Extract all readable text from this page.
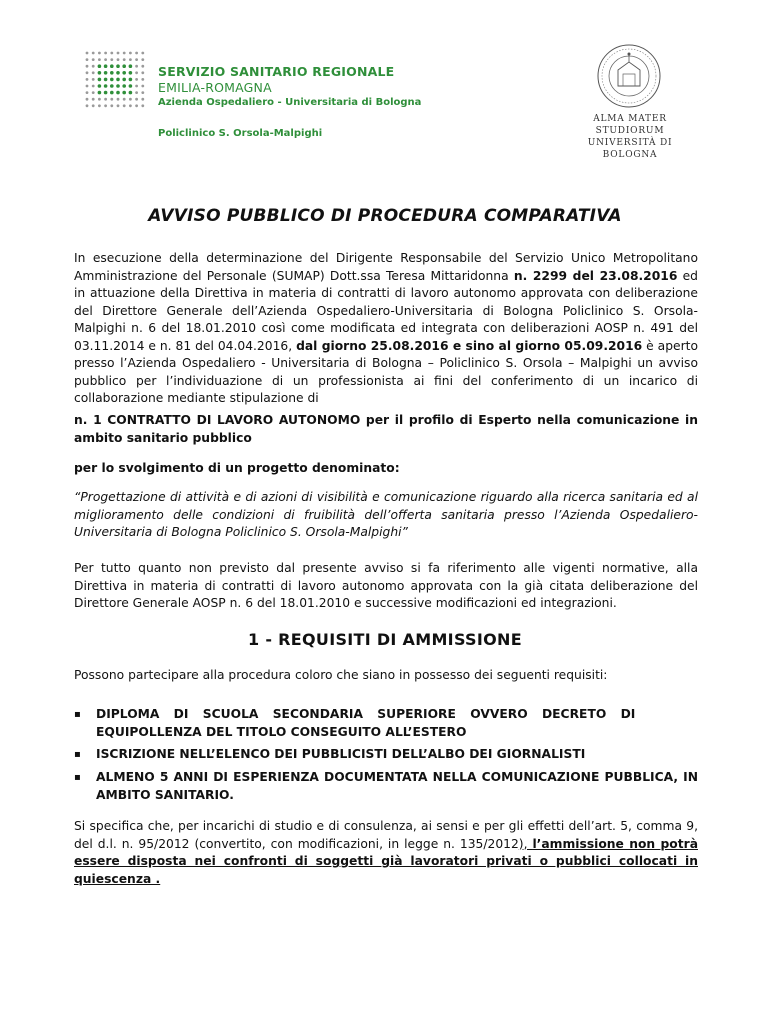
SERVIZIO SANITARIO REGIONALE
EMILIA-ROMAGNA
Azienda Ospedaliero - Universitaria di Bologna
Policlinico S. Orsola-Malpighi
ALMA MATER STUDIORUM
UNIVERSITÀ DI BOLOGNA
AVVISO PUBBLICO DI PROCEDURA COMPARATIVA
In esecuzione della determinazione del Dirigente Responsabile del Servizio Unico Metropolitano Amministrazione del Personale (SUMAP) Dott.ssa Teresa Mittaridonna n. 2299 del 23.08.2016 ed in attuazione della Direttiva in materia di contratti di lavoro autonomo approvata con deliberazione del Direttore Generale dell’Azienda Ospedaliero-Universitaria di Bologna Policlinico S. Orsola-Malpighi n. 6 del 18.01.2010 così come modificata ed integrata con deliberazioni AOSP n. 491 del 03.11.2014 e n. 81 del 04.04.2016, dal giorno 25.08.2016 e sino al giorno 05.09.2016 è aperto presso l’Azienda Ospedaliero - Universitaria di Bologna – Policlinico S. Orsola – Malpighi un avviso pubblico per l’individuazione di un professionista ai fini del conferimento di un incarico di collaborazione mediante stipulazione di
n. 1 CONTRATTO DI LAVORO AUTONOMO per il profilo di Esperto nella comunicazione in ambito sanitario pubblico
per lo svolgimento di un progetto denominato:
“Progettazione di attività e di azioni di visibilità e comunicazione riguardo alla ricerca sanitaria ed al miglioramento delle condizioni di fruibilità dell’offerta sanitaria presso l’Azienda Ospedaliero-Universitaria di Bologna Policlinico S. Orsola-Malpighi”
Per tutto quanto non previsto dal presente avviso si fa riferimento alle vigenti normative, alla Direttiva in materia di contratti di lavoro autonomo approvata con la già citata deliberazione del Direttore Generale AOSP n. 6 del 18.01.2010 e successive modificazioni ed integrazioni.
1 - REQUISITI DI AMMISSIONE
Possono partecipare alla procedura coloro che siano in possesso dei seguenti requisiti:
▪ DIPLOMA DI SCUOLA SECONDARIA SUPERIORE OVVERO DECRETO DI
EQUIPOLLENZA DEL TITOLO CONSEGUITO ALL’ESTERO
▪ ISCRIZIONE NELL’ELENCO DEI PUBBLICISTI DELL’ALBO DEI GIORNALISTI
▪ ALMENO 5 ANNI DI ESPERIENZA DOCUMENTATA NELLA COMUNICAZIONE PUBBLICA, IN AMBITO SANITARIO.
Si specifica che, per incarichi di studio e di consulenza, ai sensi e per gli effetti dell’art. 5, comma 9, del d.l. n. 95/2012 (convertito, con modificazioni, in legge n. 135/2012), l’ammissione non potrà essere disposta nei confronti di soggetti già lavoratori privati o pubblici collocati in quiescenza .
